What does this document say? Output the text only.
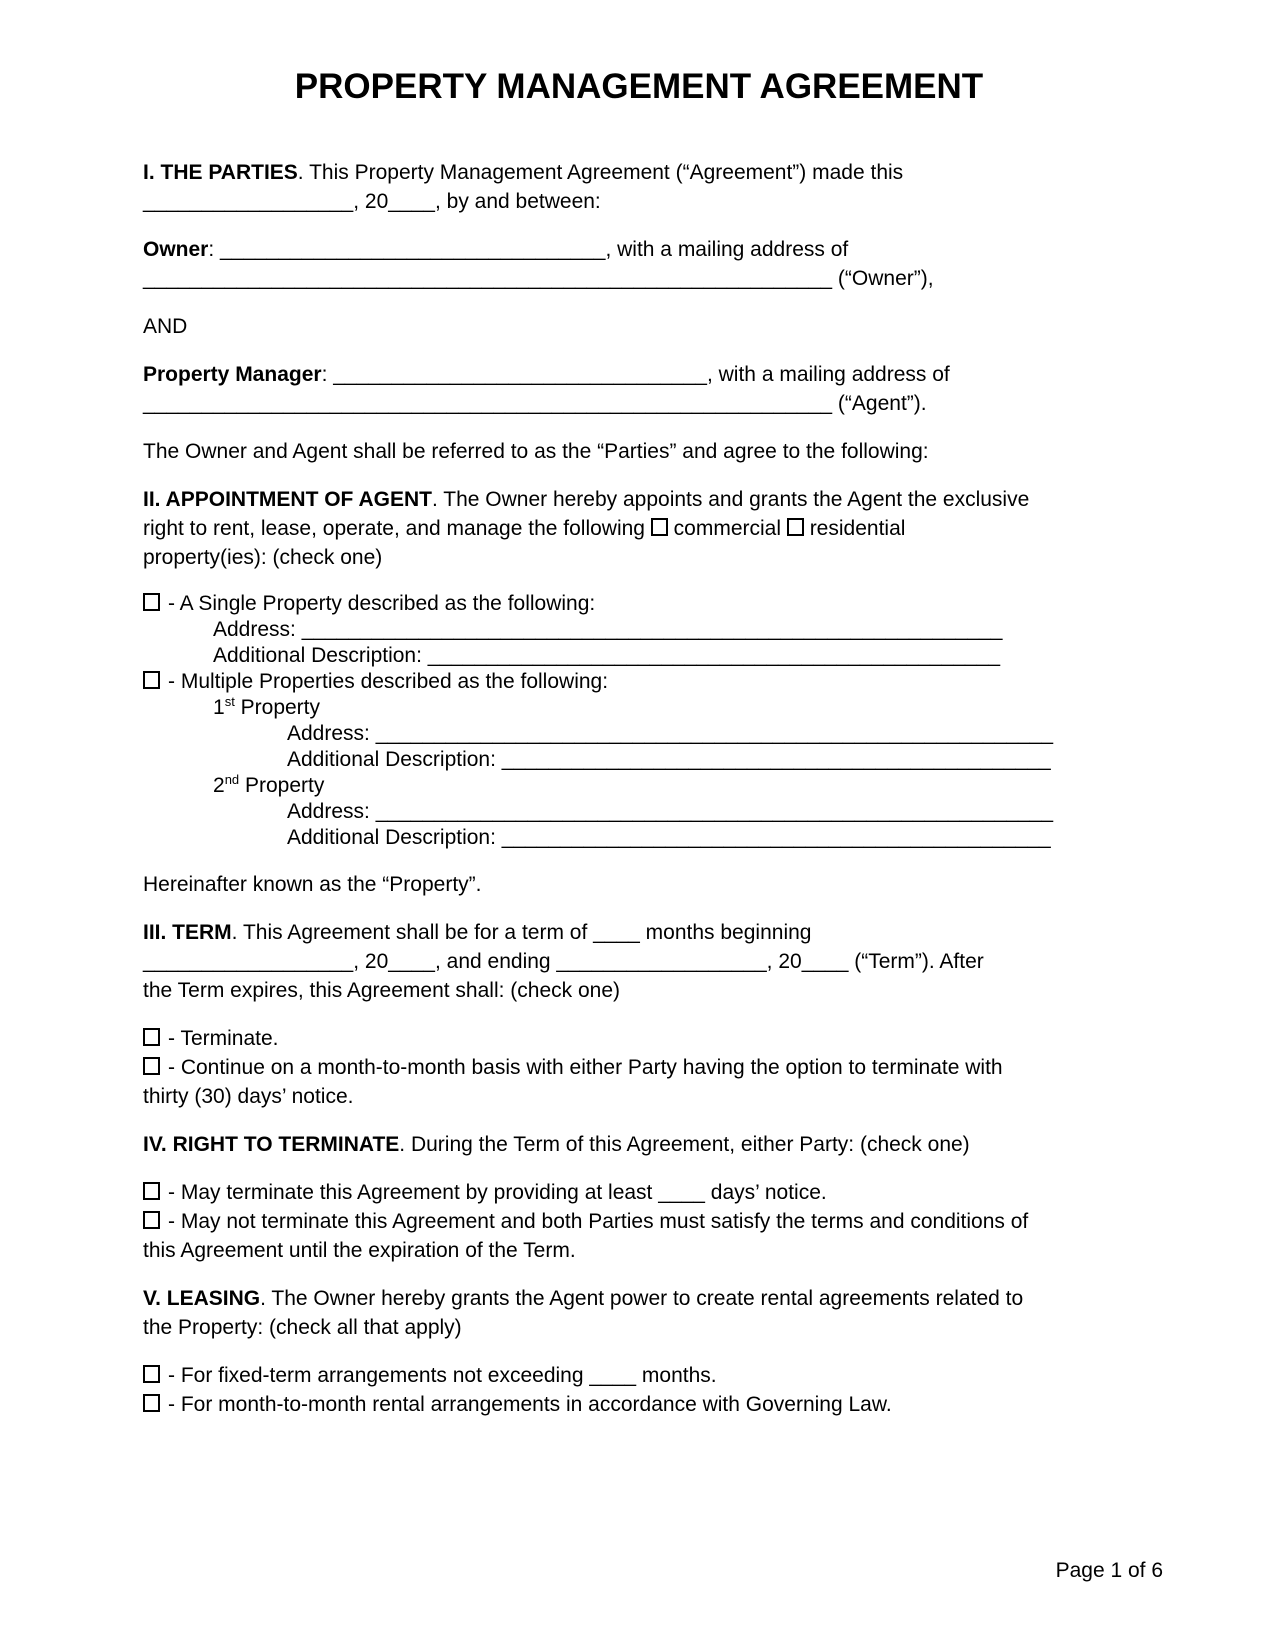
PROPERTY MANAGEMENT AGREEMENT
I. THE PARTIES. This Property Management Agreement (“Agreement”) made this
__________________, 20____, by and between:
Owner: _________________________________, with a mailing address of
___________________________________________________________ (“Owner”),
AND
Property Manager: ________________________________, with a mailing address of
___________________________________________________________ (“Agent”).
The Owner and Agent shall be referred to as the “Parties” and agree to the following:
II. APPOINTMENT OF AGENT. The Owner hereby appoints and grants the Agent the exclusive
right to rent, lease, operate, and manage the following  commercial  residential
property(ies): (check one)
- A Single Property described as the following:
Address: ____________________________________________________________
Additional Description: _________________________________________________
- Multiple Properties described as the following:
1st Property
Address: __________________________________________________________
Additional Description: _______________________________________________
2nd Property
Address: __________________________________________________________
Additional Description: _______________________________________________
Hereinafter known as the “Property”.
III. TERM. This Agreement shall be for a term of ____ months beginning
__________________, 20____, and ending __________________, 20____ (“Term”). After
the Term expires, this Agreement shall: (check one)
- Terminate.
- Continue on a month-to-month basis with either Party having the option to terminate with
thirty (30) days’ notice.
IV. RIGHT TO TERMINATE. During the Term of this Agreement, either Party: (check one)
- May terminate this Agreement by providing at least ____ days’ notice.
- May not terminate this Agreement and both Parties must satisfy the terms and conditions of
this Agreement until the expiration of the Term.
V. LEASING. The Owner hereby grants the Agent power to create rental agreements related to
the Property: (check all that apply)
- For fixed-term arrangements not exceeding ____ months.
- For month-to-month rental arrangements in accordance with Governing Law.
Page 1 of 6
